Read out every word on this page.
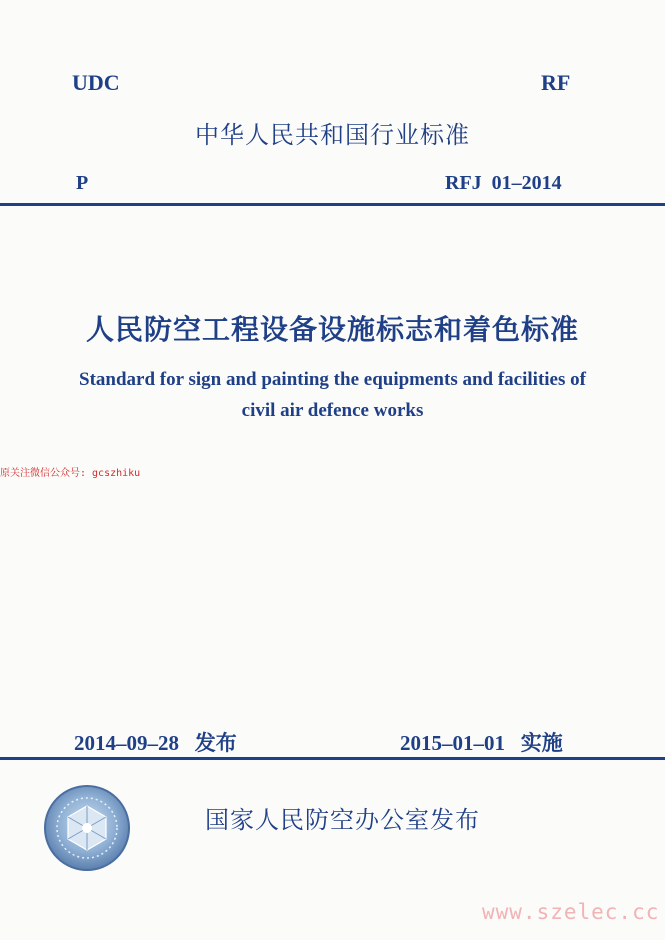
UDC	RF
中华人民共和国行业标准
P	RFJ  01–2014
人民防空工程设备设施标志和着色标准
Standard for sign and painting the equipments and facilities of
civil air defence works
原关注微信公众号: gcszhiku
2014–09–28   发布	2015–01–01   实施
国家人民防空办公室发布
www.szelec.cc
